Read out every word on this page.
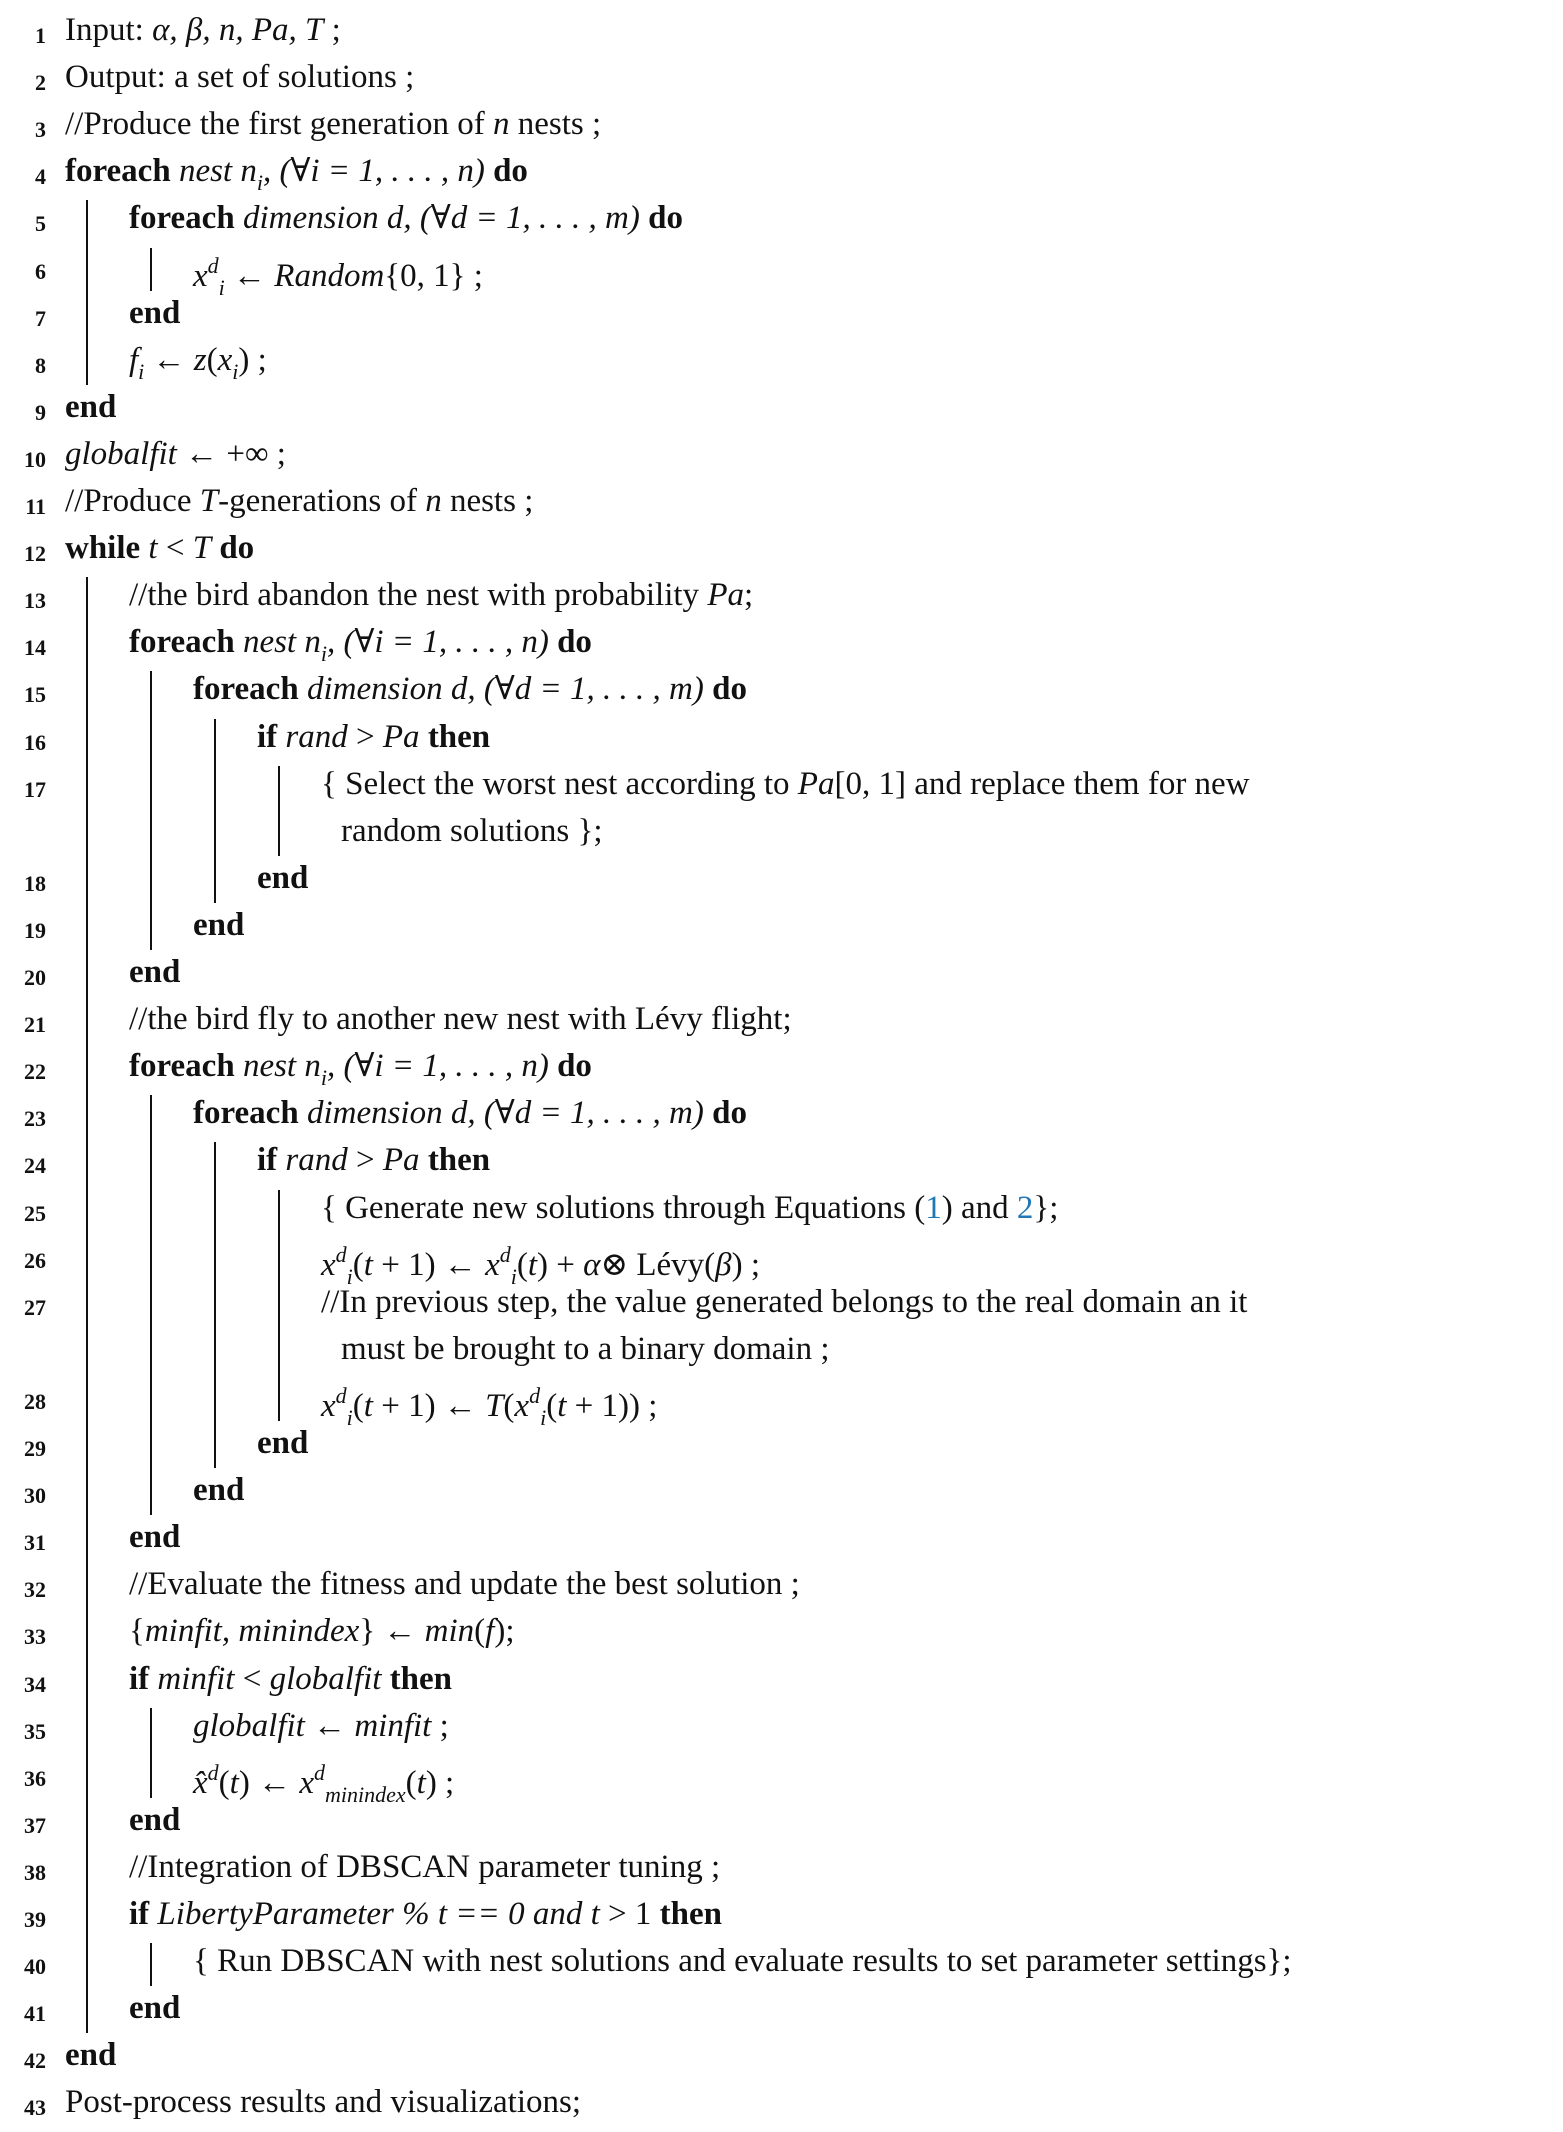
1 Input: α, β, n, Pa, T ;
2 Output: a set of solutions ;
3 //Produce the first generation of n nests ;
4 foreach nest $n_i$, (∀i = 1, . . . , n) do
5	foreach dimension d, (∀d = 1, . . . , m) do
6	$x^d_i$ ← Random{0, 1} ;
7	end
8	$f_i$ ← $z(x_i)$ ;
9 end
10 globalfit ← +∞ ;
11 //Produce T-generations of n nests ;
12 while t < T do
13	//the bird abandon the nest with probability Pa;
14	foreach nest $n_i$, (∀i = 1, . . . , n) do
15	foreach dimension d, (∀d = 1, . . . , m) do
16	if rand > Pa then
17	{ Select the worst nest according to Pa[0, 1] and replace them for new
random solutions };
18	end
19	end
20	end
21	//the bird fly to another new nest with Lévy flight;
22	foreach nest $n_i$, (∀i = 1, . . . , n) do
23	foreach dimension d, (∀d = 1, . . . , m) do
24	if rand > Pa then
25	{ Generate new solutions through Equations (1) and 2};
26	$x^d_i(t + 1)$ ← $x^d_i(t)$ + α⊗ Lévy(β) ;
27	//In previous step, the value generated belongs to the real domain an it
must be brought to a binary domain ;
28	$x^d_i(t + 1)$ ← $T(x^d_i(t + 1))$ ;
29	end
30	end
31	end
32	//Evaluate the fitness and update the best solution ;
33	{minfit, minindex} ← min(f);
34	if minfit < globalfit then
35	globalfit ← minfit ;
36	x̂$^d$(t) ← $x^d_{minindex}(t)$ ;
37	end
38	//Integration of DBSCAN parameter tuning ;
39	if LibertyParameter % t == 0 and t > 1 then
40	{ Run DBSCAN with nest solutions and evaluate results to set parameter settings};
41	end
42 end
43 Post-process results and visualizations;
